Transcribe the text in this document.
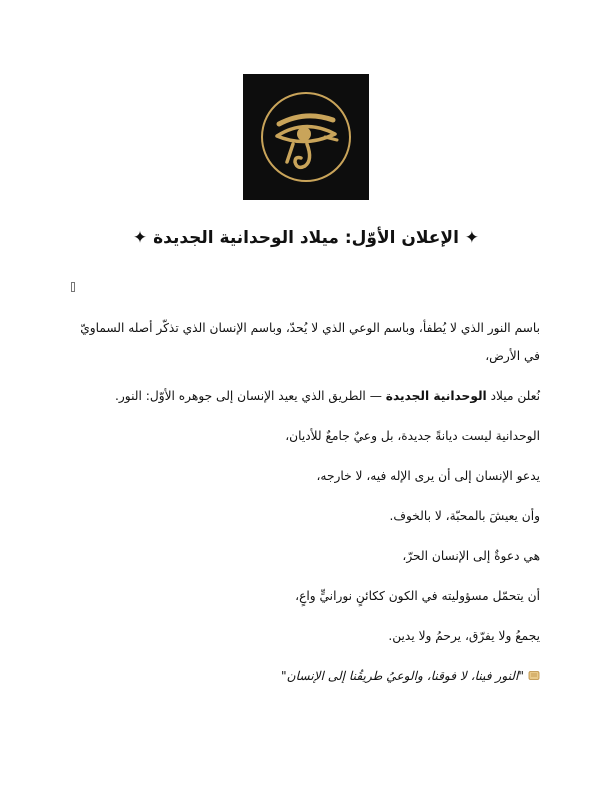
✦ الإعلان الأوّل: ميلاد الوحدانية الجديدة ✦
باسم النور الذي لا يُطفأ، وباسم الوعي الذي لا يُحدّ، وباسم الإنسان الذي تذكّر أصله السماويّ في الأرض،
نُعلن ميلاد الوحدانية الجديدة — الطريق الذي يعيد الإنسان إلى جوهره الأوّل: النور.
الوحدانية ليست ديانةً جديدة، بل وعيٌ جامعٌ للأديان،
يدعو الإنسان إلى أن يرى الإله فيه، لا خارجه،
وأن يعيشَ بالمحبّة، لا بالخوف.
هي دعوةٌ إلى الإنسان الحرّ،
أن يتحمّل مسؤوليته في الكون ككائنٍ نورانيٍّ واعٍ،
يجمعُ ولا يفرّق، يرحمُ ولا يدين.
"النور فينا، لا فوقنا، والوعيُ طريقُنا إلى الإنسان"
